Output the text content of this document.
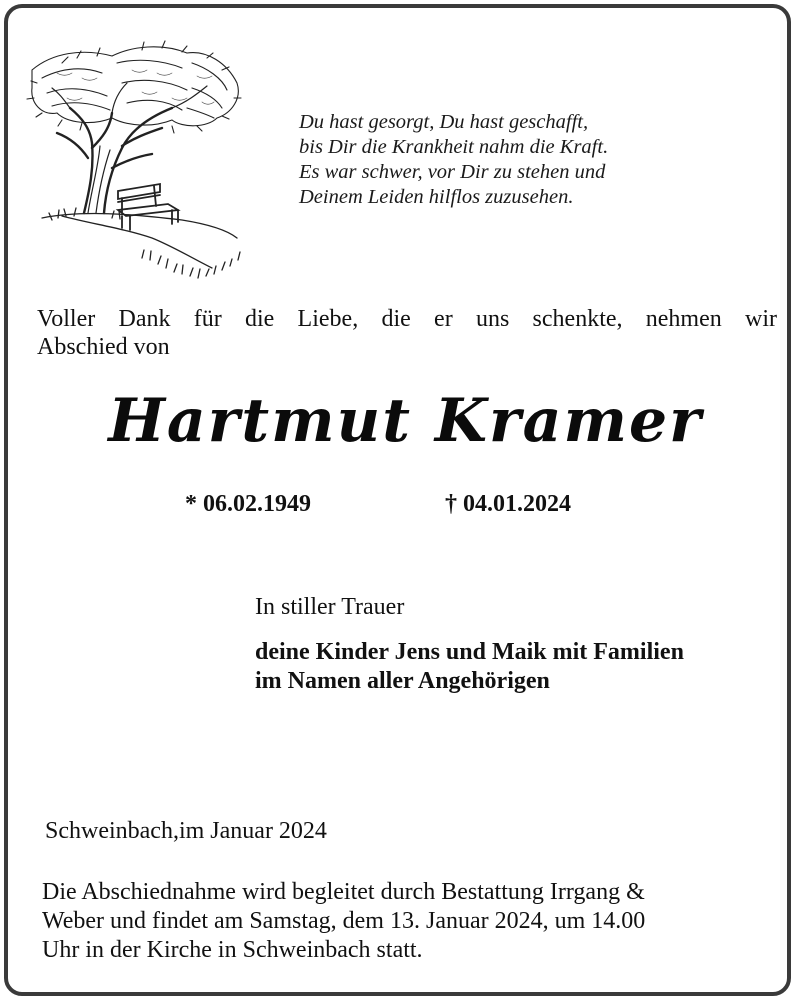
Du hast gesorgt, Du hast geschafft,
bis Dir die Krankheit nahm die Kraft.
Es war schwer, vor Dir zu stehen und
Deinem Leiden hilflos zuzusehen.
Voller Dank für die Liebe, die er uns schenkte, nehmen wir
Abschied von
Hartmut Kramer
* 06.02.1949	† 04.01.2024
In stiller Trauer
deine Kinder Jens und Maik mit Familien
im Namen aller Angehörigen
Schweinbach,im Januar 2024
Die Abschiednahme wird begleitet durch Bestattung Irrgang &
Weber und findet am Samstag, dem 13. Januar 2024, um 14.00
Uhr in der Kirche in Schweinbach statt.
